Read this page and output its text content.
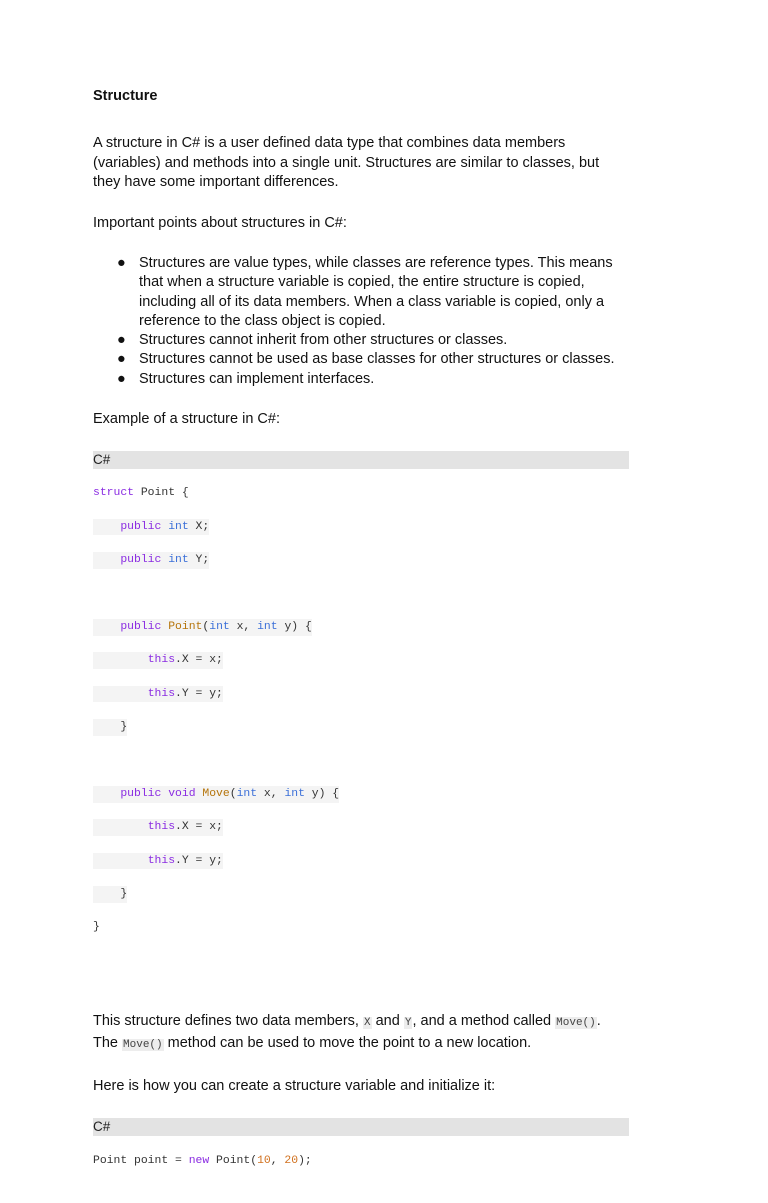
Structure

A structure in C# is a user defined data type that combines data members (variables) and methods into a single unit. Structures are similar to classes, but they have some important differences.

Important points about structures in C#:

● Structures are value types, while classes are reference types. This means that when a structure variable is copied, the entire structure is copied, including all of its data members. When a class variable is copied, only a reference to the class object is copied.
● Structures cannot inherit from other structures or classes.
● Structures cannot be used as base classes for other structures or classes.
● Structures can implement interfaces.

Example of a structure in C#:

C#

struct Point {

public int X;

public int Y;

public Point(int x, int y) {

this.X = x;

this.Y = y;

}

public void Move(int x, int y) {

this.X = x;

this.Y = y;

}

}

This structure defines two data members, X and Y, and a method called Move(). The Move() method can be used to move the point to a new location.

Here is how you can create a structure variable and initialize it:

C#

Point point = new Point(10, 20);
